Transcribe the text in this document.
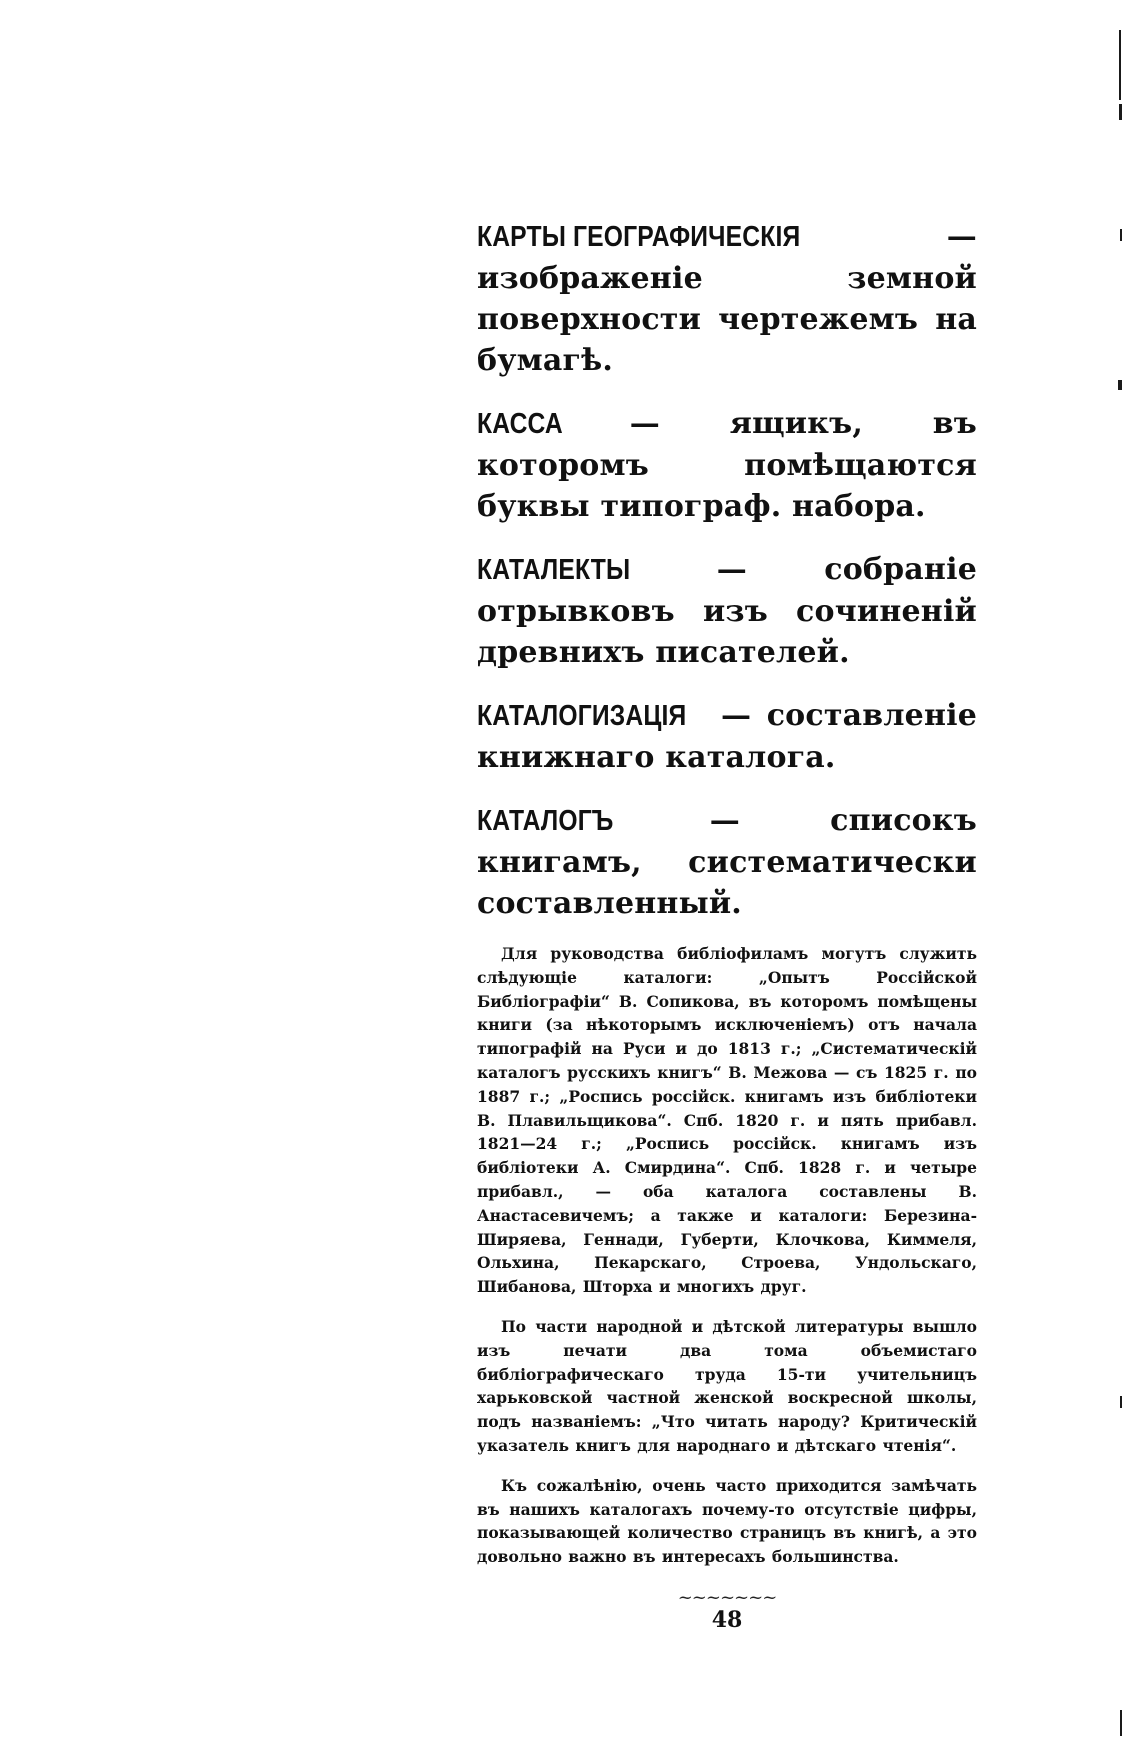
КАРТЫ ГЕОГРАФИЧЕСКІЯ	— изображеніе земной поверхности чертежемъ на бумагѣ.

КАССА — ящикъ, въ которомъ помѣщаются буквы типограф. набора.

КАТАЛЕКТЫ	—	собраніе отрывковъ изъ сочиненій древнихъ писателей.

КАТАЛОГИЗАЦІЯ — составленіе книжнаго каталога.

КАТАЛОГЪ	—	списокъ книгамъ, систематически составленный.

Для руководства библіофиламъ могутъ служить слѣдующіе каталоги: „Опытъ Россійской Библіографіи“ В. Сопикова, въ которомъ помѣщены книги (за нѣкоторымъ исключеніемъ) отъ начала типографій на Руси и до 1813 г.; „Систематическій каталогъ русскихъ книгъ“ В. Межова — съ 1825 г. по 1887 г.; „Роспись россійск. книгамъ изъ библіотеки В. Плавильщикова“. Спб. 1820 г. и пять прибавл. 1821—24 г.; „Роспись россійск. книгамъ изъ библіотеки А. Смирдина“. Спб. 1828 г. и четыре прибавл., — оба каталога составлены В. Анастасевичемъ; а также и каталоги: Березина-Ширяева, Геннади, Губерти, Клочкова, Киммеля, Ольхина, Пекарскаго, Строева, Ундольскаго, Шибанова, Шторха и многихъ друг.

По части народной и дѣтской литературы вышло изъ печати два тома объемистаго библіографическаго труда 15-ти учительницъ харьковской частной женской воскресной школы, подъ названіемъ: „Что читать народу? Критическій указатель книгъ для народнаго и дѣтскаго чтенія“.

Къ сожалѣнію, очень часто приходится замѣчать въ нашихъ каталогахъ почему-то отсутствіе цифры, показывающей количество страницъ въ книгѣ, а это довольно важно въ интересахъ большинства.

~~~~~~~
48
